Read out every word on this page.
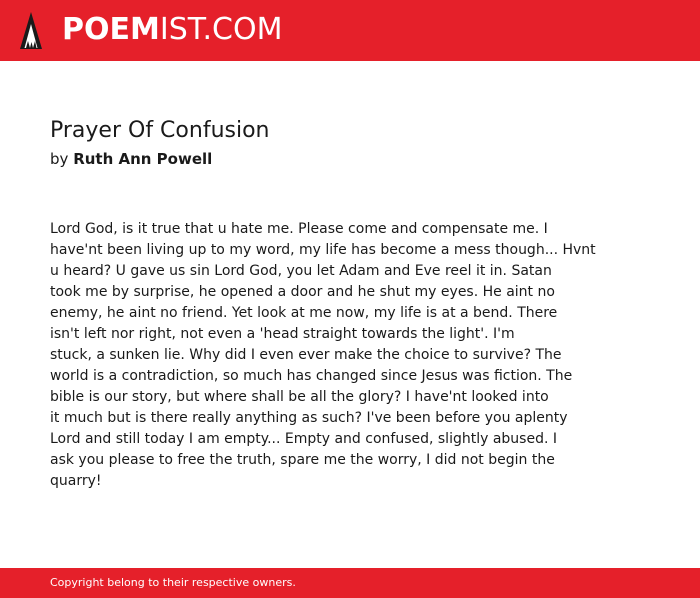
POEMIST.COM
Prayer Of Confusion
by Ruth Ann Powell
Lord God, is it true that u hate me. Please come and compensate me. I
have'nt been living up to my word, my life has become a mess though... Hvnt
u heard? U gave us sin Lord God, you let Adam and Eve reel it in. Satan
took me by surprise, he opened a door and he shut my eyes. He aint no
enemy, he aint no friend. Yet look at me now, my life is at a bend. There
isn't left nor right, not even a 'head straight towards the light'. I'm
stuck, a sunken lie. Why did I even ever make the choice to survive? The
world is a contradiction, so much has changed since Jesus was fiction. The
bible is our story, but where shall be all the glory? I have'nt looked into
it much but is there really anything as such? I've been before you aplenty
Lord and still today I am empty... Empty and confused, slightly abused. I
ask you please to free the truth, spare me the worry, I did not begin the
quarry!
Copyright belong to their respective owners.
